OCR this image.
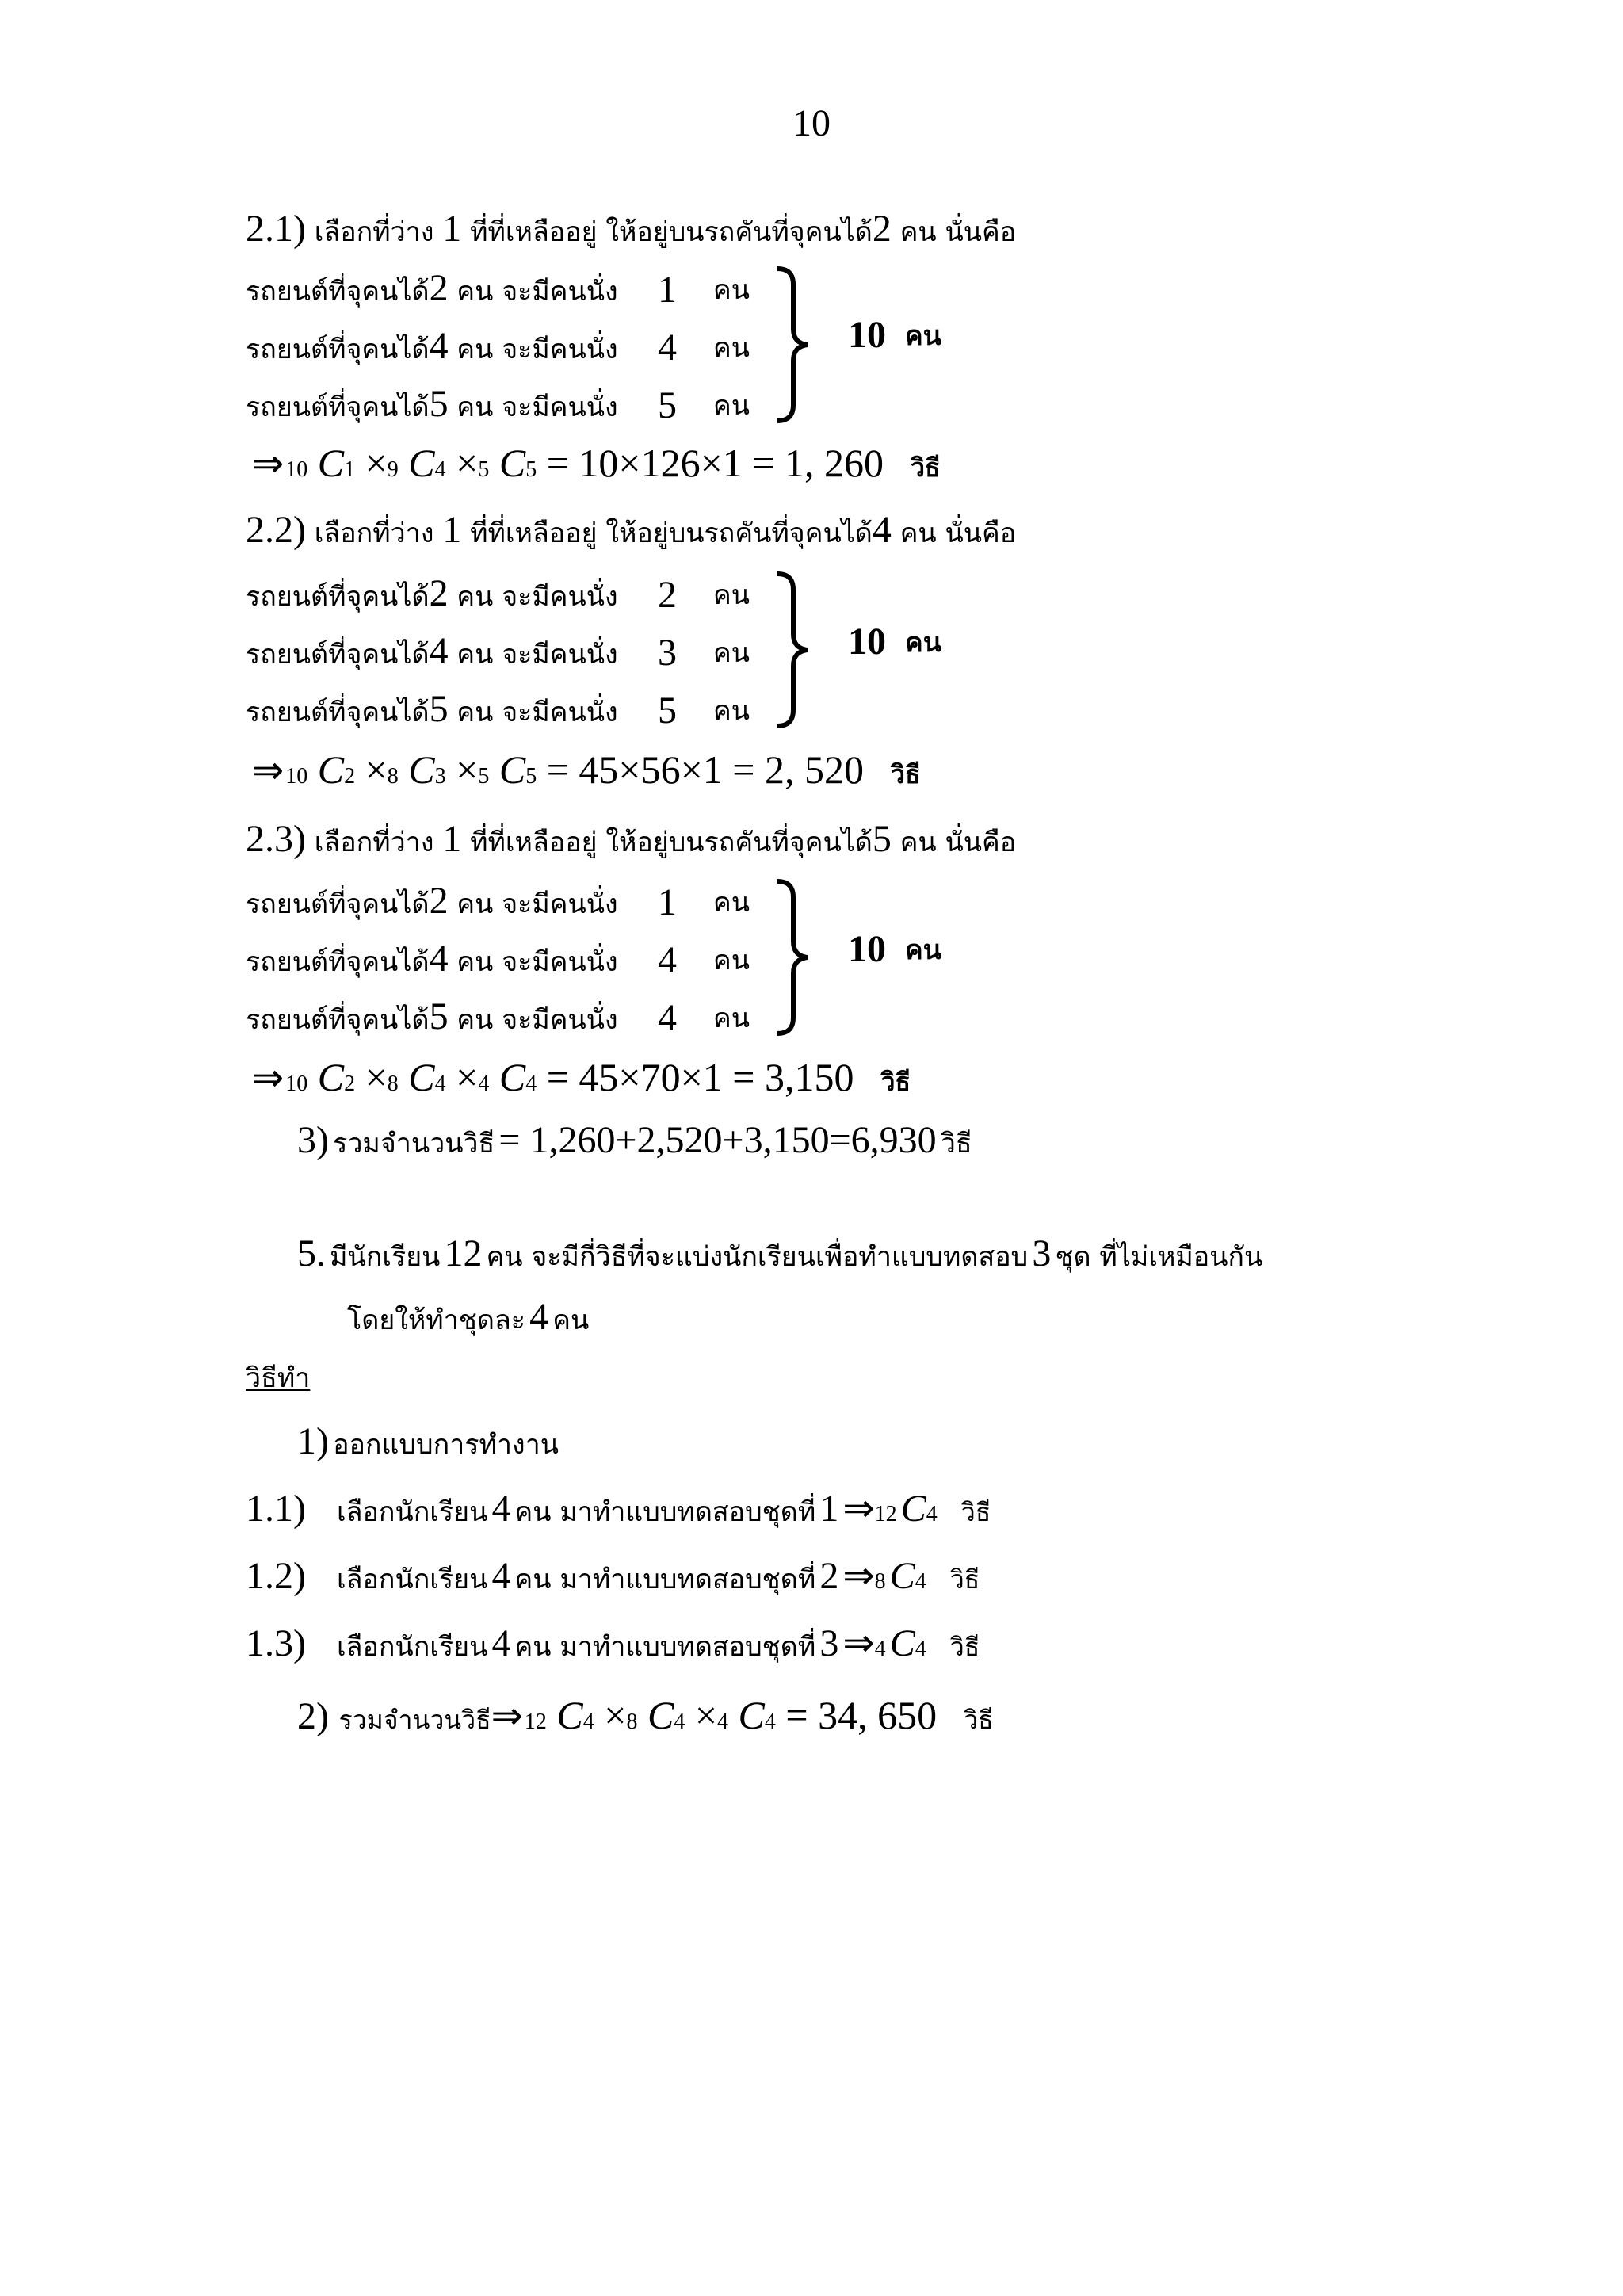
10
2.1) เลือกที่ว่าง 1 ที่ที่เหลืออยู่ ให้อยู่บนรถคันที่จุคนได้2 คน นั่นคือ
รถยนต์ที่จุคนได้2 คน จะมีคนนั่ง	1	คน
รถยนต์ที่จุคนได้4 คน จะมีคนนั่ง	4	คน
รถยนต์ที่จุคนได้5 คน จะมีคนนั่ง	5	คน
10 คน
⇒ 10
C 1 × 9
C 4 × 5
C 5
= 10×126×1 = 1, 260 วิธี
2.2) เลือกที่ว่าง 1 ที่ที่เหลืออยู่ ให้อยู่บนรถคันที่จุคนได้4 คน นั่นคือ
รถยนต์ที่จุคนได้2 คน จะมีคนนั่ง	2	คน
รถยนต์ที่จุคนได้4 คน จะมีคนนั่ง	3	คน
รถยนต์ที่จุคนได้5 คน จะมีคนนั่ง	5	คน
10 คน
⇒ 10
C 2 × 8
C 3 × 5
C 5
= 45×56×1 = 2, 520 วิธี
2.3) เลือกที่ว่าง 1 ที่ที่เหลืออยู่ ให้อยู่บนรถคันที่จุคนได้5 คน นั่นคือ
รถยนต์ที่จุคนได้2 คน จะมีคนนั่ง	1	คน
รถยนต์ที่จุคนได้4 คน จะมีคนนั่ง	4	คน
รถยนต์ที่จุคนได้5 คน จะมีคนนั่ง	4	คน
10 คน
⇒ 10
C 2 × 8
C 4 × 4
C 4
= 45×70×1 = 3,150 วิธี
3) รวมจำนวนวิธี = 1,260+2,520+3,150=6,930 วิธี
5. มีนักเรียน 12 คน จะมีกี่วิธีที่จะแบ่งนักเรียนเพื่อทำแบบทดสอบ 3 ชุด ที่ไม่เหมือนกัน
โดยให้ทำชุดละ 4 คน
วิธีทำ
1) ออกแบบการทำงาน
1.1)	เลือกนักเรียน
4
คน มาทำแบบทดสอบชุดที่
1
⇒ 12
C 4 วิธี
1.2)	เลือกนักเรียน
4
คน มาทำแบบทดสอบชุดที่
2
⇒ 8
C 4 วิธี
1.3)	เลือกนักเรียน
4
คน มาทำแบบทดสอบชุดที่
3
⇒ 4
C 4 วิธี
2)
รวมจำนวนวิธี ⇒ 12
C 4 × 8
C 4 × 4
C 4
= 34, 650 วิธี
